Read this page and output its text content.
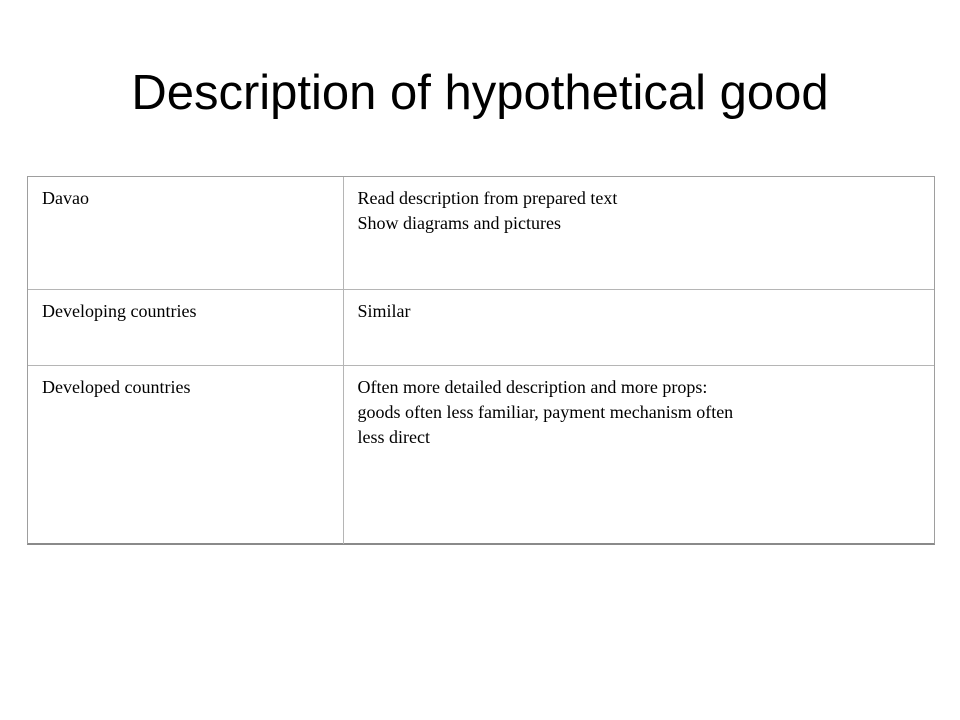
Description of hypothetical good
Davao	Read description from prepared text
Show diagrams and pictures

Developing countries	Similar

Developed countries	Often more detailed description and more props:
goods often less familiar, payment mechanism often
less direct
